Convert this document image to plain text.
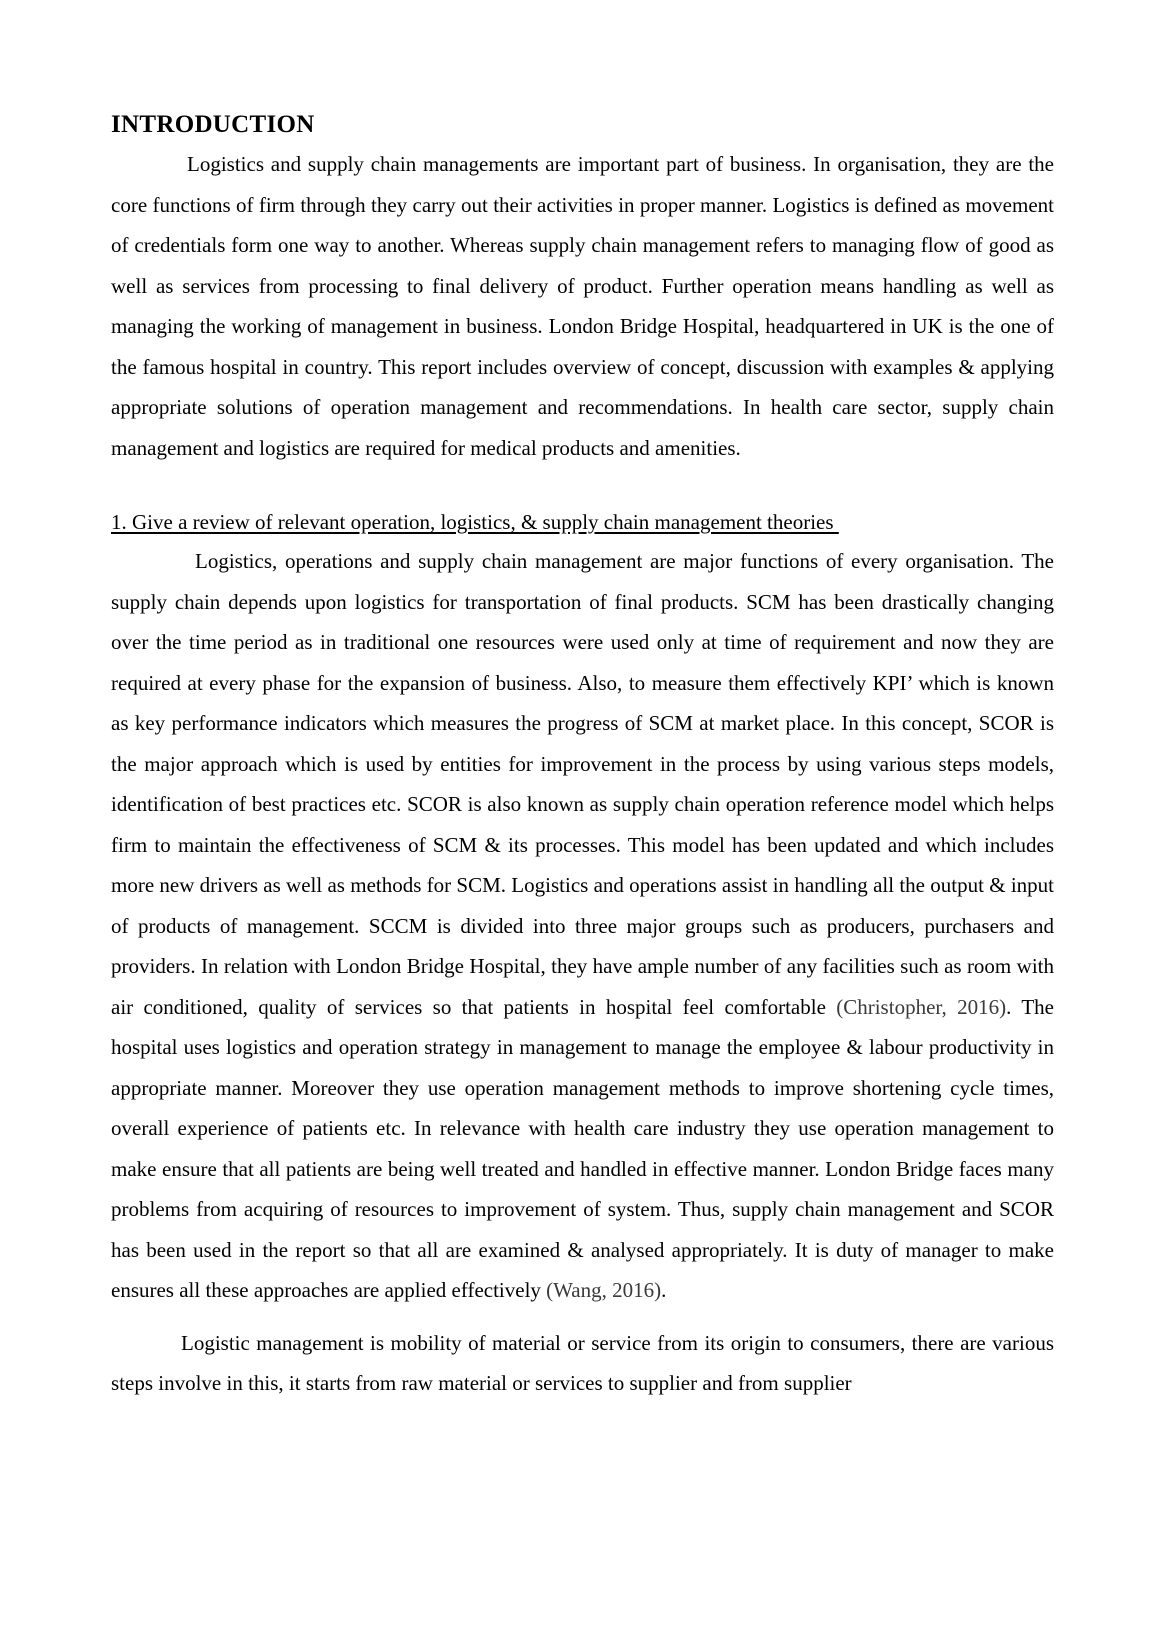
INTRODUCTION

Logistics and supply chain managements are important part of business. In organisation, they are the core functions of firm through they carry out their activities in proper manner. Logistics is defined as movement of credentials form one way to another. Whereas supply chain management refers to managing flow of good as well as services from processing to final delivery of product. Further operation means handling as well as managing the working of management in business. London Bridge Hospital, headquartered in UK is the one of the famous hospital in country. This report includes overview of concept, discussion with examples & applying appropriate solutions of operation management and recommendations. In health care sector, supply chain management and logistics are required for medical products and amenities.

1. Give a review of relevant operation, logistics, & supply chain management theories

Logistics, operations and supply chain management are major functions of every organisation. The supply chain depends upon logistics for transportation of final products. SCM has been drastically changing over the time period as in traditional one resources were used only at time of requirement and now they are required at every phase for the expansion of business. Also, to measure them effectively KPI’ which is known as key performance indicators which measures the progress of SCM at market place. In this concept, SCOR is the major approach which is used by entities for improvement in the process by using various steps models, identification of best practices etc. SCOR is also known as supply chain operation reference model which helps firm to maintain the effectiveness of SCM & its processes. This model has been updated and which includes more new drivers as well as methods for SCM. Logistics and operations assist in handling all the output & input of products of management. SCCM is divided into three major groups such as producers, purchasers and providers. In relation with London Bridge Hospital, they have ample number of any facilities such as room with air conditioned, quality of services so that patients in hospital feel comfortable (Christopher, 2016). The hospital uses logistics and operation strategy in management to manage the employee & labour productivity in appropriate manner. Moreover they use operation management methods to improve shortening cycle times, overall experience of patients etc. In relevance with health care industry they use operation management to make ensure that all patients are being well treated and handled in effective manner. London Bridge faces many problems from acquiring of resources to improvement of system. Thus, supply chain management and SCOR has been used in the report so that all are examined & analysed appropriately. It is duty of manager to make ensures all these approaches are applied effectively (Wang, 2016).

Logistic management is mobility of material or service from its origin to consumers, there are various steps involve in this, it starts from raw material or services to supplier and from supplier
